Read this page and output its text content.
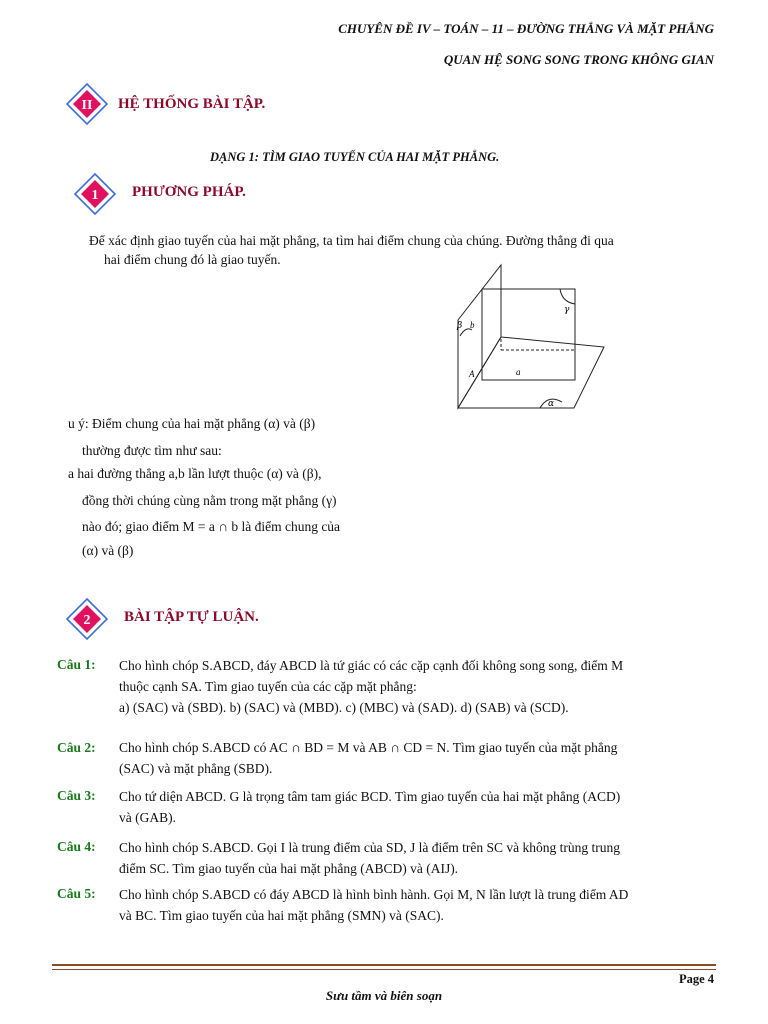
CHUYÊN ĐỀ IV – TOÁN – 11 – ĐƯỜNG THẲNG VÀ MẶT PHẲNG
QUAN HỆ SONG SONG TRONG KHÔNG GIAN
II HỆ THỐNG BÀI TẬP.
DẠNG 1: TÌM GIAO TUYẾN CỦA HAI MẶT PHẲNG.
1 PHƯƠNG PHÁP.
Để xác định giao tuyến của hai mặt phẳng, ta tìm hai điểm chung của chúng. Đường thẳng đi qua
hai điểm chung đó là giao tuyến.
β b
γ
A	a
α
u ý: Điểm chung của hai mặt phẳng (α) và (β)
thường được tìm như sau:
a hai đường thẳng a,b lần lượt thuộc (α) và (β),
đồng thời chúng cùng nằm trong mặt phẳng (γ)
nào đó; giao điểm M = a ∩ b là điểm chung của
(α) và (β)
2 BÀI TẬP TỰ LUẬN.
Câu 1: Cho hình chóp S.ABCD, đáy ABCD là tứ giác có các cặp cạnh đối không song song, điểm M
thuộc cạnh SA. Tìm giao tuyến của các cặp mặt phẳng:
a) (SAC) và (SBD). b) (SAC) và (MBD). c) (MBC) và (SAD). d) (SAB) và (SCD).
Câu 2: Cho hình chóp S.ABCD có AC ∩ BD = M và AB ∩ CD = N. Tìm giao tuyến của mặt phẳng
(SAC) và mặt phẳng (SBD).
Câu 3: Cho tứ diện ABCD. G là trọng tâm tam giác BCD. Tìm giao tuyến của hai mặt phẳng (ACD)
và (GAB).
Câu 4: Cho hình chóp S.ABCD. Gọi I là trung điểm của SD, J là điểm trên SC và không trùng trung
điểm SC. Tìm giao tuyến của hai mặt phẳng (ABCD) và (AIJ).
Câu 5: Cho hình chóp S.ABCD có đáy ABCD là hình bình hành. Gọi M, N lần lượt là trung điểm AD
và BC. Tìm giao tuyến của hai mặt phẳng (SMN) và (SAC).
Page 4
Sưu tầm và biên soạn
